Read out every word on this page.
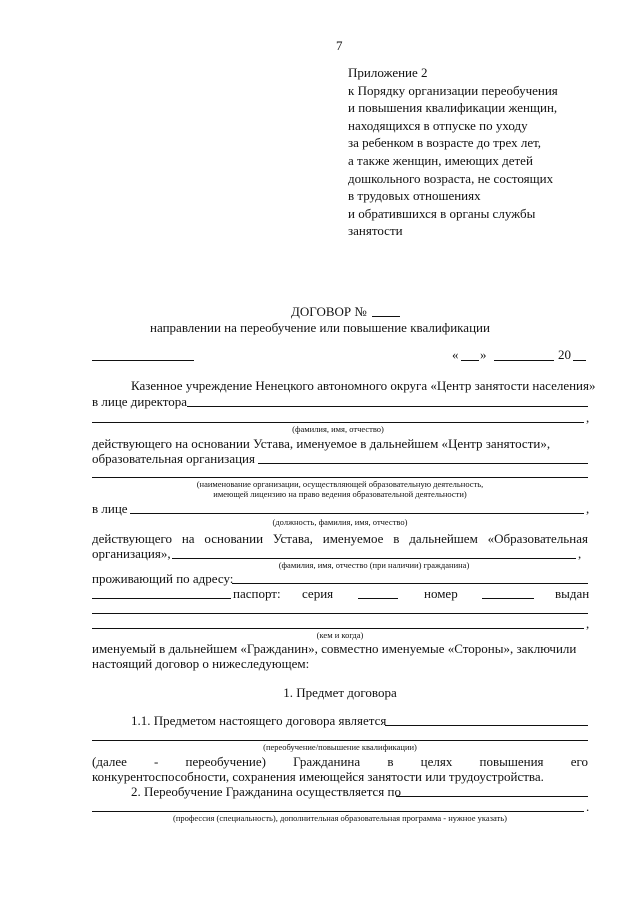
7
Приложение 2
к Порядку организации переобучения
и повышения квалификации женщин,
находящихся в отпуске по уходу
за ребенком в возрасте до трех лет,
а также женщин, имеющих детей
дошкольного возраста, не состоящих
в трудовых отношениях
и обратившихся в органы службы
занятости
ДОГОВОР №
направлении на переобучение или повышение квалификации
« »	20
Казенное учреждение Ненецкого автономного округа «Центр занятости населения»
в лице директора
,
(фамилия, имя, отчество)
действующего на основании Устава, именуемое в дальнейшем «Центр занятости»,
образовательная организация
(наименование организации, осуществляющей образовательную деятельность,
имеющей лицензию на право ведения образовательной деятельности)
в лице	,
(должность, фамилия, имя, отчество)
действующего на основании Устава, именуемое в дальнейшем «Образовательная
организация»,	,
(фамилия, имя, отчество (при наличии) гражданина)
проживающий по адресу:
паспорт: серия	номер	выдан
,
(кем и когда)
именуемый в дальнейшем «Гражданин», совместно именуемые «Стороны», заключили
настоящий договор о нижеследующем:
1. Предмет договора
1.1. Предметом настоящего договора является
(переобучение/повышение квалификации)
(далее - переобучение) Гражданина в целях повышения его
конкурентоспособности, сохранения имеющейся занятости или трудоустройства.
2. Переобучение Гражданина осуществляется по
.
(профессия (специальность), дополнительная образовательная программа - нужное указать)
